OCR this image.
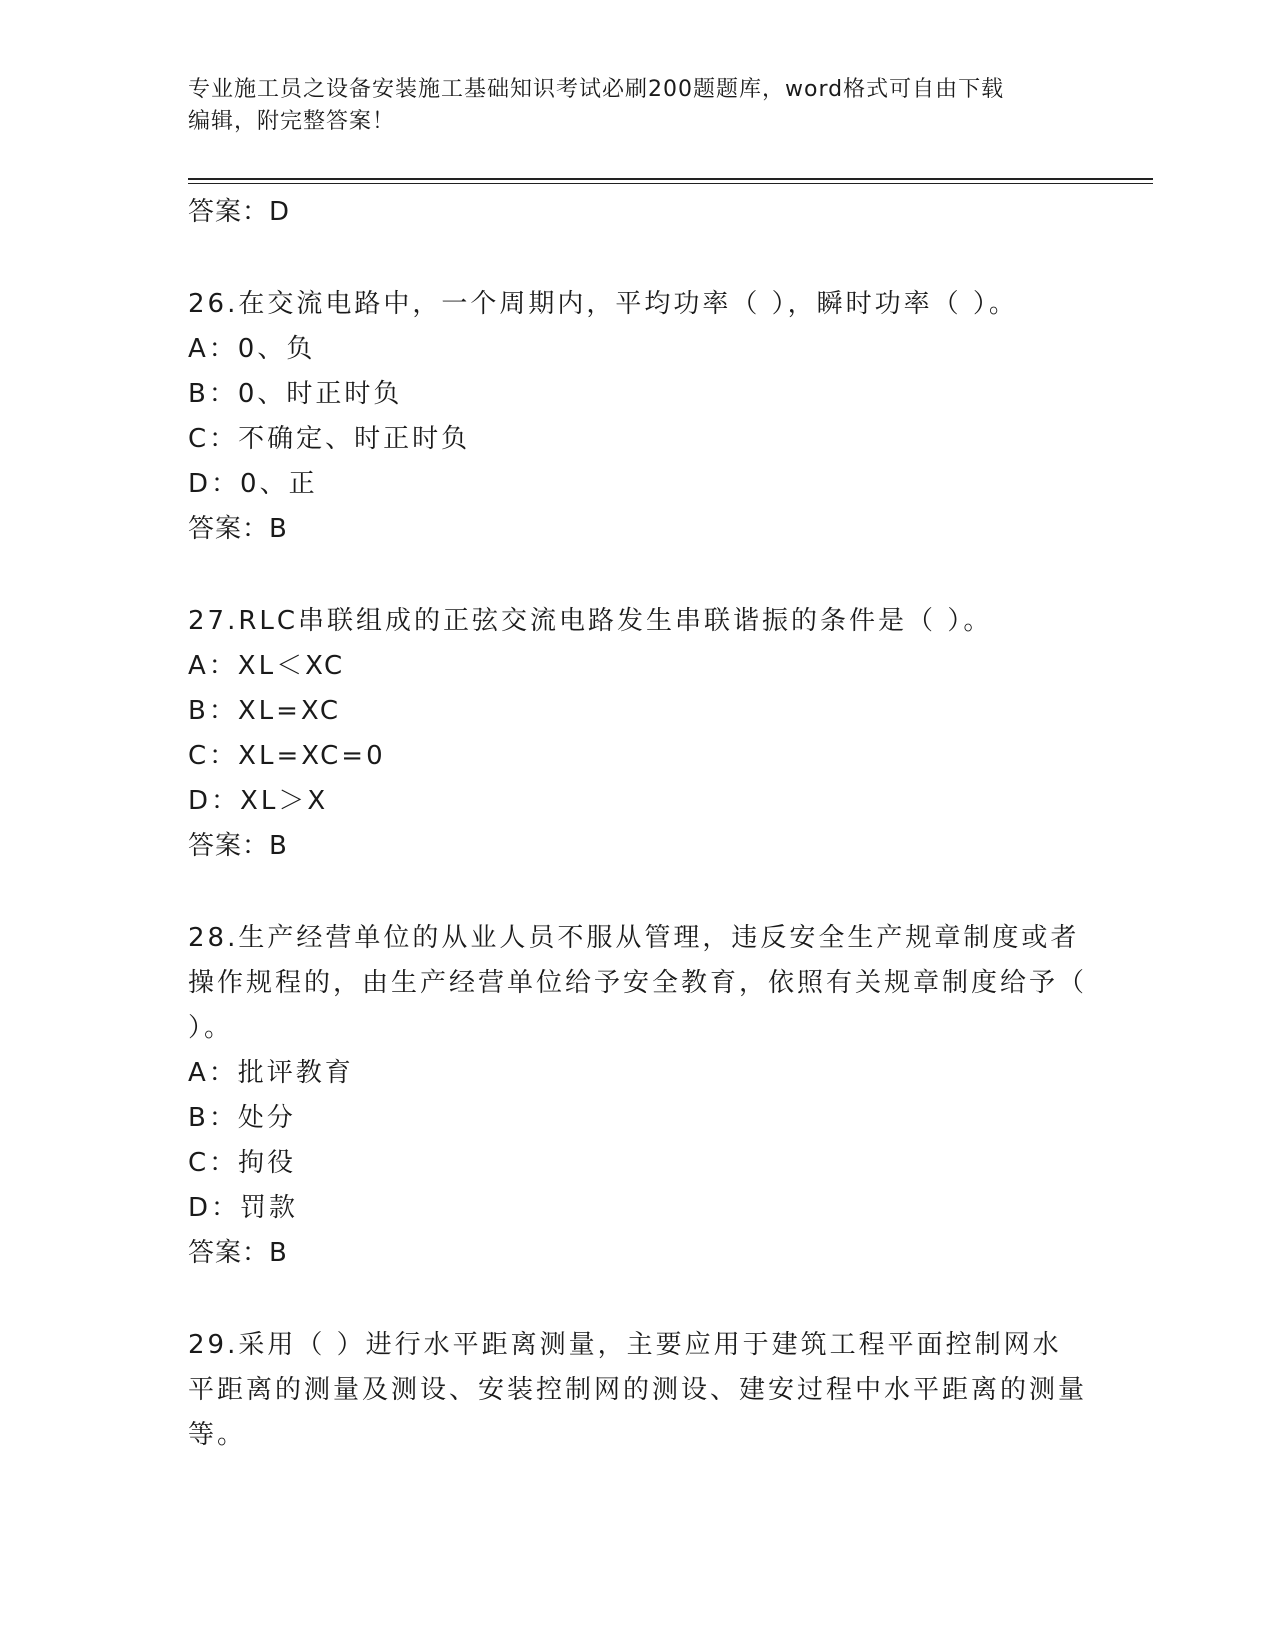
专业施工员之设备安装施工基础知识考试必刷200题题库，word格式可自由下载
编辑，附完整答案！
答案：D
26.在交流电路中，一个周期内，平均功率（ ），瞬时功率（ ）。
A：0、负
B：0、时正时负
C：不确定、时正时负
D：0、正
答案：B
27.RLC串联组成的正弦交流电路发生串联谐振的条件是（ ）。
A：XL＜XC
B：XL=XC
C：XL=XC=0
D：XL＞X
答案：B
28.生产经营单位的从业人员不服从管理，违反安全生产规章制度或者操作规程的，由生产经营单位给予安全教育，依照有关规章制度给予（ ）。
A：批评教育
B：处分
C：拘役
D：罚款
答案：B
29.采用（ ）进行水平距离测量，主要应用于建筑工程平面控制网水平距离的测量及测设、安装控制网的测设、建安过程中水平距离的测量等。
